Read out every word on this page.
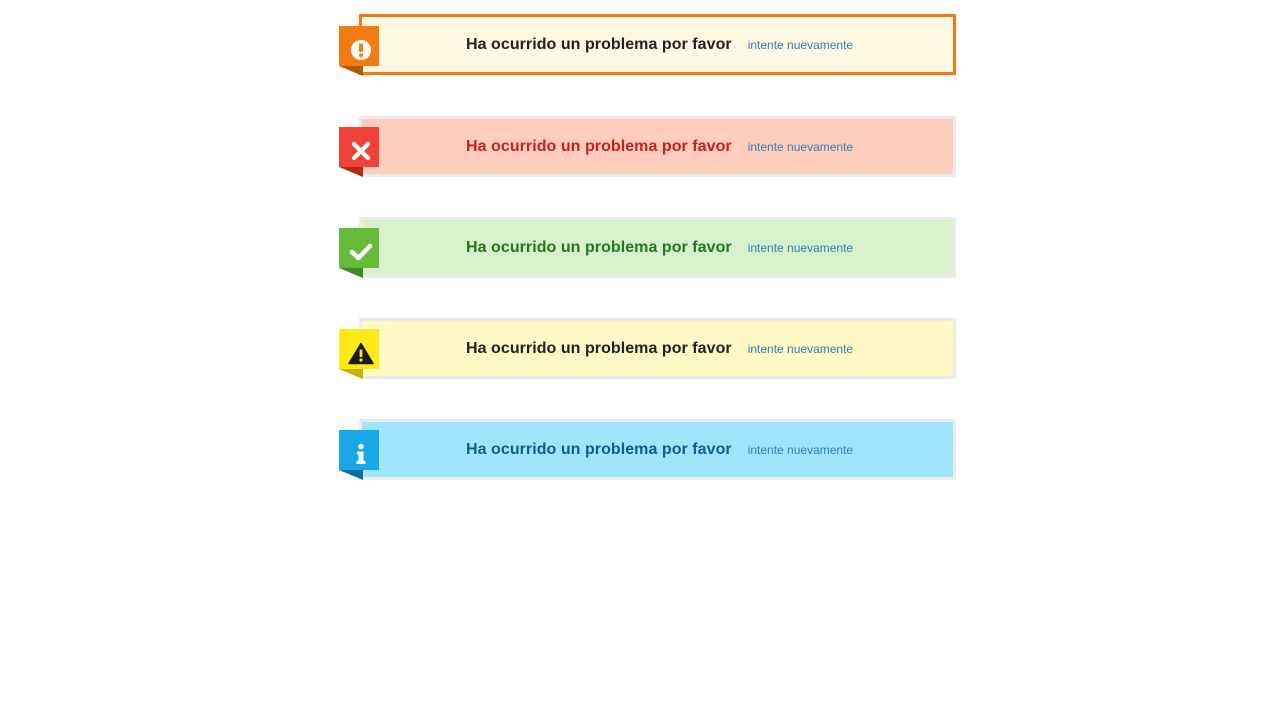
Ha ocurrido un problema por favor intente nuevamente
Ha ocurrido un problema por favor intente nuevamente
Ha ocurrido un problema por favor intente nuevamente
Ha ocurrido un problema por favor intente nuevamente
Ha ocurrido un problema por favor intente nuevamente
